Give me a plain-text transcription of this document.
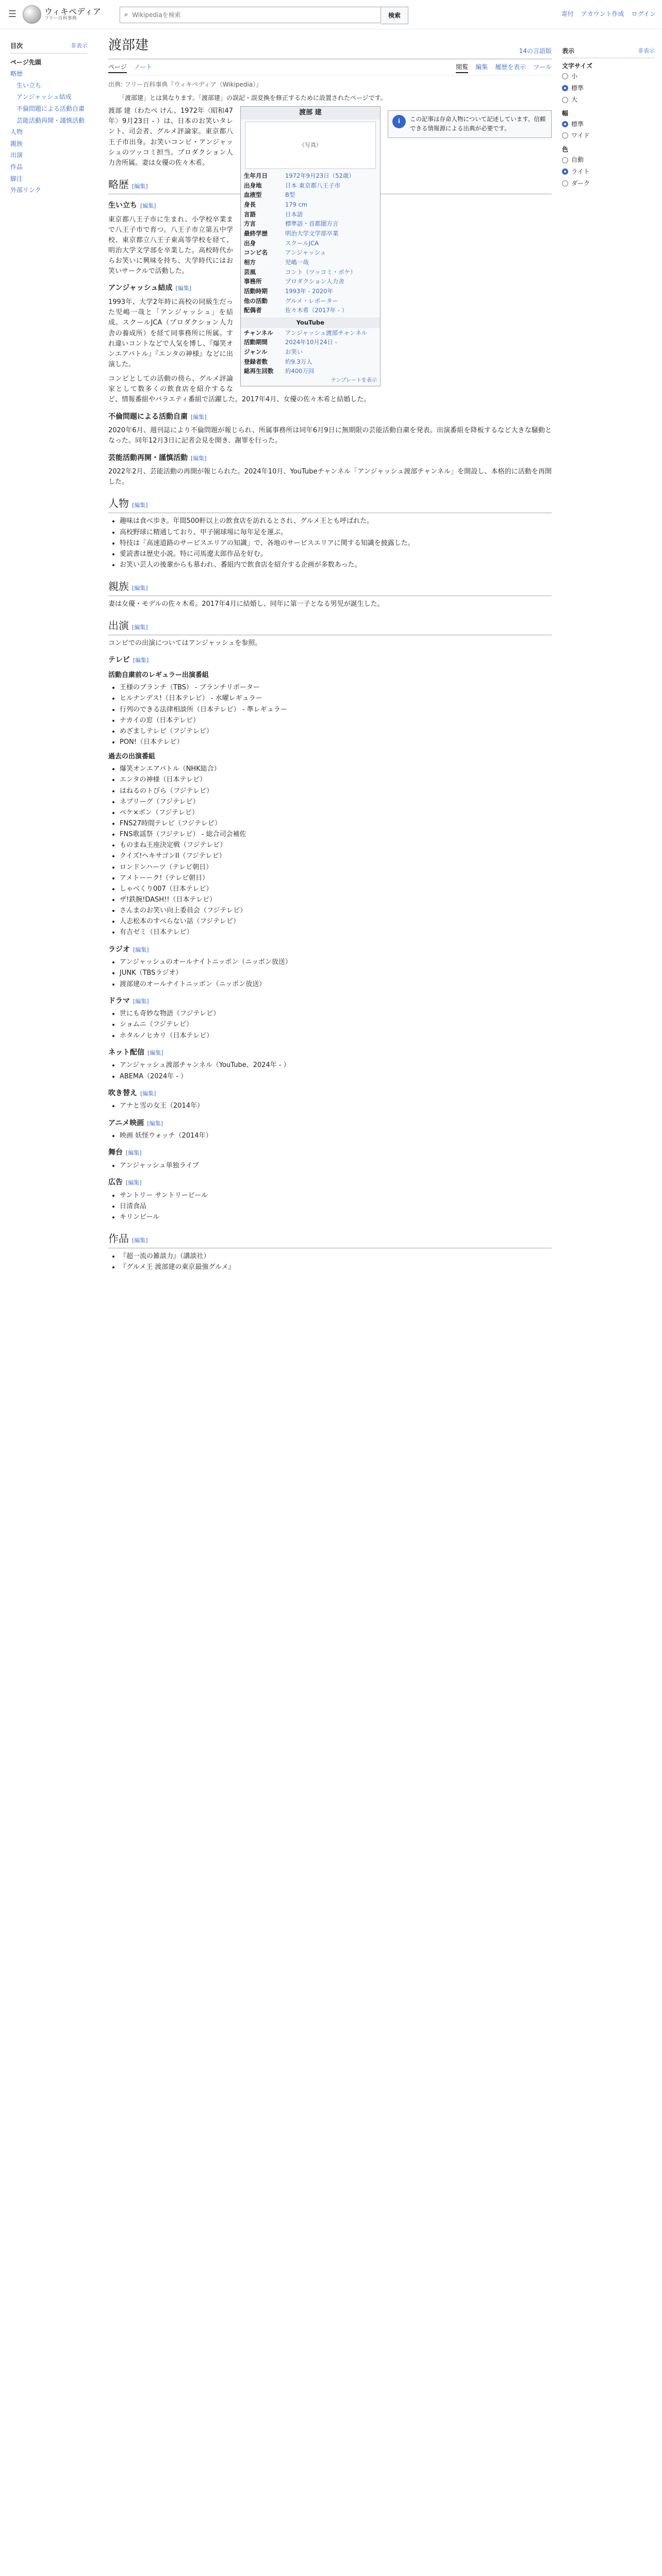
☰	ウィキペディア
フリー百科事典	⌕
Wikipediaを検索	検索	寄付 アカウント作成 ログイン
目次	非表示
ページ先頭
略歴
生い立ち
アンジャッシュ結成
不倫問題による活動自粛
芸能活動再開・謹慎活動
人物
親族
出演
作品
脚注
外部リンク
表示	非表示
文字サイズ
小
標準
大
幅
標準
ワイド
色
自動
ライト
ダーク
渡部建	14の言語版
ページ ノート	閲覧 編集 履歴を表示 ツール
出典: フリー百科事典『ウィキペディア（Wikipedia）』
「渡部建」とは異なります。「渡部建」の誤記・誤変換を修正するために設置されたページです。
i	この記事は存命人物について記述しています。信頼できる情報源による出典が必要です。
渡部 建
（写真）
生年月日	1972年9月23日（52歳）
出身地	日本 東京都八王子市
血液型	B型
身長	179 cm
言語	日本語
方言	標準語・首都圏方言
最終学歴	明治大学文学部卒業
出身	スクールJCA
コンビ名	アンジャッシュ
相方	児嶋一哉
芸風	コント（ツッコミ・ボケ）
事務所	プロダクション人力舎
活動時期	1993年 - 2020年
他の活動	グルメ・レポーター
配偶者	佐々木希（2017年 - ）
YouTube
チャンネル	アンジャッシュ渡部チャンネル
活動期間	2024年10月24日 -
ジャンル	お笑い
登録者数	約9.3万人
総再生回数	約400万回
テンプレートを表示

渡部 建（わたべ けん、1972年〈昭和47年〉9月23日 - ）は、日本のお笑いタレント、司会者、グルメ評論家。東京都八王子市出身。お笑いコンビ・アンジャッシュのツッコミ担当。プロダクション人力舎所属。妻は女優の佐々木希。

略歴 [編集]
生い立ち [編集]

東京都八王子市に生まれ、小学校卒業まで八王子市で育つ。八王子市立第五中学校、東京都立八王子東高等学校を経て、明治大学文学部を卒業した。高校時代からお笑いに興味を持ち、大学時代にはお笑いサークルで活動した。

アンジャッシュ結成 [編集]

1993年、大学2年時に高校の同級生だった児嶋一哉と「アンジャッシュ」を結成。スクールJCA（プロダクション人力舎の養成所）を経て同事務所に所属。すれ違いコントなどで人気を博し、『爆笑オンエアバトル』『エンタの神様』などに出演した。

コンビとしての活動の傍ら、グルメ評論家として数多くの飲食店を紹介するなど、情報番組やバラエティ番組で活躍した。2017年4月、女優の佐々木希と結婚した。

不倫問題による活動自粛 [編集]

2020年6月、週刊誌により不倫問題が報じられ、所属事務所は同年6月9日に無期限の芸能活動自粛を発表。出演番組を降板するなど大きな騒動となった。同年12月3日に記者会見を開き、謝罪を行った。

芸能活動再開・謹慎活動 [編集]

2022年2月、芸能活動の再開が報じられた。2024年10月、YouTubeチャンネル「アンジャッシュ渡部チャンネル」を開設し、本格的に活動を再開した。

人物 [編集]
• 趣味は食べ歩き。年間500軒以上の飲食店を訪れるとされ、グルメ王とも呼ばれた。
• 高校野球に精通しており、甲子園球場に毎年足を運ぶ。
• 特技は「高速道路のサービスエリアの知識」で、各地のサービスエリアに関する知識を披露した。
• 愛読書は歴史小説。特に司馬遼太郎作品を好む。
• お笑い芸人の後輩からも慕われ、番組内で飲食店を紹介する企画が多数あった。
親族 [編集]

妻は女優・モデルの佐々木希。2017年4月に結婚し、同年に第一子となる男児が誕生した。

出演 [編集]

コンビでの出演についてはアンジャッシュを参照。

テレビ [編集]
活動自粛前のレギュラー出演番組
• 王様のブランチ（TBS） - ブランチリポーター
• ヒルナンデス!（日本テレビ） - 水曜レギュラー
• 行列のできる法律相談所（日本テレビ） - 準レギュラー
• ナカイの窓（日本テレビ）
• めざましテレビ（フジテレビ）
• PON!（日本テレビ）
過去の出演番組
• 爆笑オンエアバトル（NHK総合）
• エンタの神様（日本テレビ）
• はねるのトびら（フジテレビ）
• ネプリーグ（フジテレビ）
• ペケ×ポン（フジテレビ）
• FNS27時間テレビ（フジテレビ）
• FNS歌謡祭（フジテレビ） - 総合司会補佐
• ものまね王座決定戦（フジテレビ）
• クイズ!ヘキサゴンII（フジテレビ）
• ロンドンハーツ（テレビ朝日）
• アメトーーク!（テレビ朝日）
• しゃべくり007（日本テレビ）
• ザ!鉄腕!DASH!!（日本テレビ）
• さんまのお笑い向上委員会（フジテレビ）
• 人志松本のすべらない話（フジテレビ）
• 有吉ゼミ（日本テレビ）
ラジオ [編集]
• アンジャッシュのオールナイトニッポン（ニッポン放送）
• JUNK（TBSラジオ）
• 渡部建のオールナイトニッポン（ニッポン放送）
ドラマ [編集]
• 世にも奇妙な物語（フジテレビ）
• ショムニ（フジテレビ）
• ホタルノヒカリ（日本テレビ）
ネット配信 [編集]
• アンジャッシュ渡部チャンネル（YouTube、2024年 - ）
• ABEMA（2024年 - ）
吹き替え [編集]
• アナと雪の女王（2014年）
アニメ映画 [編集]
• 映画 妖怪ウォッチ（2014年）
舞台 [編集]
• アンジャッシュ単独ライブ
広告 [編集]
• サントリー サントリービール
• 日清食品
• キリンビール
作品 [編集]
• 『超一流の雑談力』（講談社）
• 『グルメ王 渡部建の東京最強グルメ』
